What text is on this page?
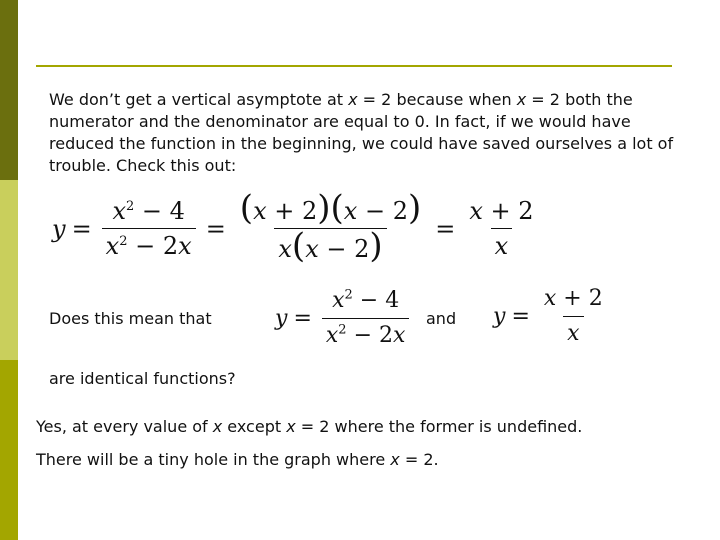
We don’t get a vertical asymptote at x = 2 because when x = 2 both the numerator and the denominator are equal to 0. In fact, if we would have reduced the function in the beginning, we could have saved ourselves a lot of trouble. Check this out:

$y = \frac{x^2 - 4}{x^2 - 2x} = \frac{(x + 2)(x - 2)}{x(x - 2)} = \frac{x + 2}{x}$
Does this mean that	$y = \frac{x^2 - 4}{x^2 - 2x}$ and $y = \frac{x + 2}{x}$
are identical functions?
Yes, at every value of x except x = 2 where the former is undefined.
There will be a tiny hole in the graph where x = 2.
